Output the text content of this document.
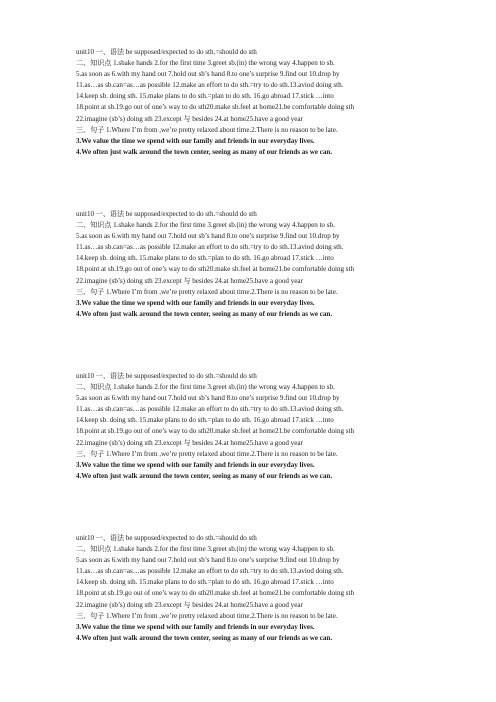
unit10 一、语法 be supposed/expected to do sth.=should do sth
二、知识点 1.shake hands 2.for the first time 3.greet sb.(in) the wrong way 4.happen to sb.
5.as soon as 6.with my hand out 7.hold out sb’s hand 8.to one’s surprise 9.find out 10.drop by
11.as…as sb.can=as…as possible 12.make an effort to do sth.=try to do sth.13.aviod doing sth.
14.keep sb. doing sth. 15.make plans to do sth.=plan to do sth. 16.go abroad 17.stick …into
18.point at sb.19.go out of one’s way to do sth20.make sb.feel at home21.be comfortable doing sth
22.imagine (sb’s) doing sth 23.except 与 besides 24.at home25.have a good year
三、句子 1.Where I’m from ,we’re pretty relaxed about time.2.There is no reason to be late.
3.We value the time we spend with our family and friends in our everyday lives.
4.We often just walk around the town center, seeing as many of our friends as we can.
unit10 一、语法 be supposed/expected to do sth.=should do sth
二、知识点 1.shake hands 2.for the first time 3.greet sb.(in) the wrong way 4.happen to sb.
5.as soon as 6.with my hand out 7.hold out sb’s hand 8.to one’s surprise 9.find out 10.drop by
11.as…as sb.can=as…as possible 12.make an effort to do sth.=try to do sth.13.aviod doing sth.
14.keep sb. doing sth. 15.make plans to do sth.=plan to do sth. 16.go abroad 17.stick …into
18.point at sb.19.go out of one’s way to do sth20.make sb.feel at home21.be comfortable doing sth
22.imagine (sb’s) doing sth 23.except 与 besides 24.at home25.have a good year
三、句子 1.Where I’m from ,we’re pretty relaxed about time.2.There is no reason to be late.
3.We value the time we spend with our family and friends in our everyday lives.
4.We often just walk around the town center, seeing as many of our friends as we can.
unit10 一、语法 be supposed/expected to do sth.=should do sth
二、知识点 1.shake hands 2.for the first time 3.greet sb.(in) the wrong way 4.happen to sb.
5.as soon as 6.with my hand out 7.hold out sb’s hand 8.to one’s surprise 9.find out 10.drop by
11.as…as sb.can=as…as possible 12.make an effort to do sth.=try to do sth.13.aviod doing sth.
14.keep sb. doing sth. 15.make plans to do sth.=plan to do sth. 16.go abroad 17.stick …into
18.point at sb.19.go out of one’s way to do sth20.make sb.feel at home21.be comfortable doing sth
22.imagine (sb’s) doing sth 23.except 与 besides 24.at home25.have a good year
三、句子 1.Where I’m from ,we’re pretty relaxed about time.2.There is no reason to be late.
3.We value the time we spend with our family and friends in our everyday lives.
4.We often just walk around the town center, seeing as many of our friends as we can.
unit10 一、语法 be supposed/expected to do sth.=should do sth
二、知识点 1.shake hands 2.for the first time 3.greet sb.(in) the wrong way 4.happen to sb.
5.as soon as 6.with my hand out 7.hold out sb’s hand 8.to one’s surprise 9.find out 10.drop by
11.as…as sb.can=as…as possible 12.make an effort to do sth.=try to do sth.13.aviod doing sth.
14.keep sb. doing sth. 15.make plans to do sth.=plan to do sth. 16.go abroad 17.stick …into
18.point at sb.19.go out of one’s way to do sth20.make sb.feel at home21.be comfortable doing sth
22.imagine (sb’s) doing sth 23.except 与 besides 24.at home25.have a good year
三、句子 1.Where I’m from ,we’re pretty relaxed about time.2.There is no reason to be late.
3.We value the time we spend with our family and friends in our everyday lives.
4.We often just walk around the town center, seeing as many of our friends as we can.
